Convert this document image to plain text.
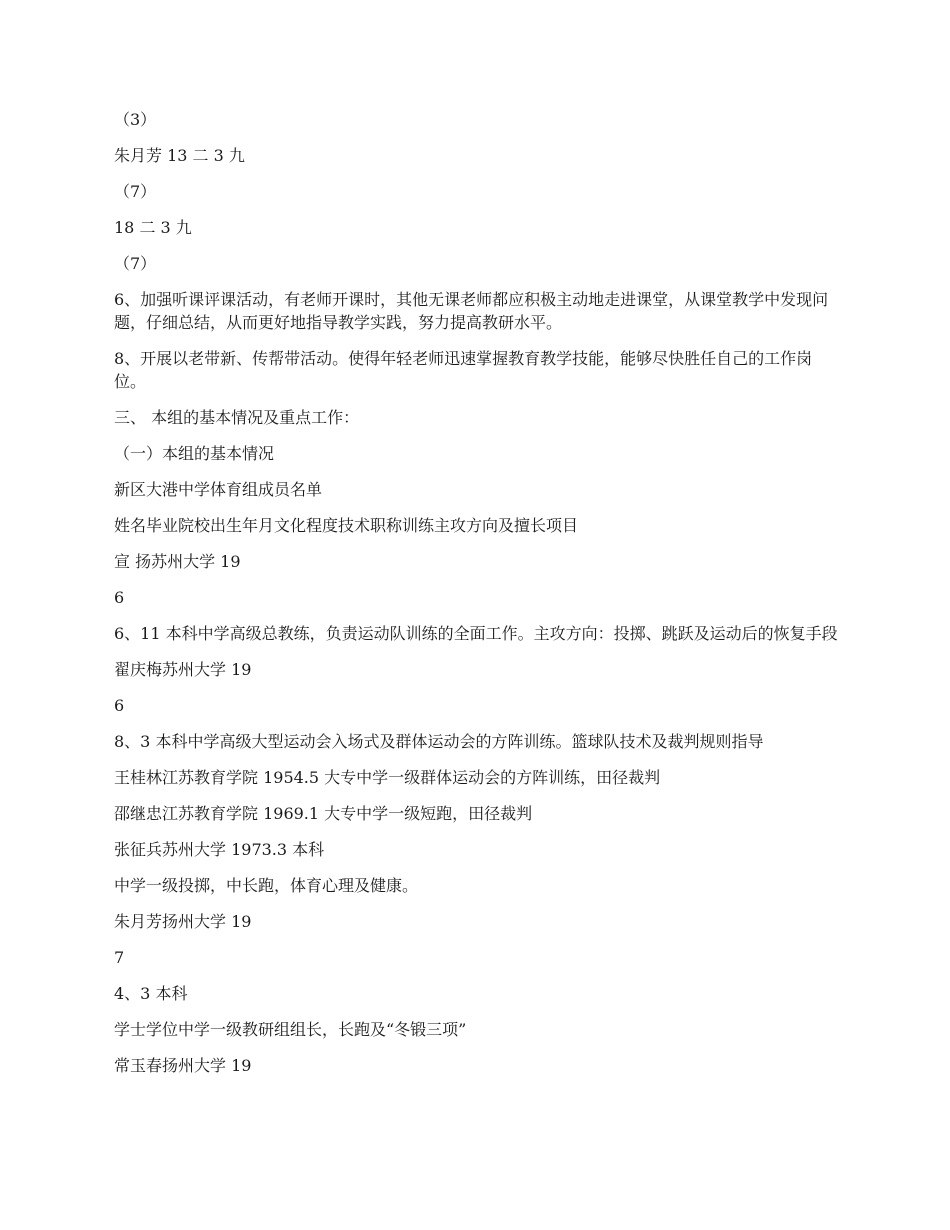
（3）

朱月芳 13 二 3 九

（7）

18 二 3 九

（7）

6、加强听课评课活动，有老师开课时，其他无课老师都应积极主动地走进课堂，从课堂教学中发现问题，仔细总结，从而更好地指导教学实践，努力提高教研水平。

8、开展以老带新、传帮带活动。使得年轻老师迅速掌握教育教学技能，能够尽快胜任自己的工作岗位。

三、 本组的基本情况及重点工作：

（一）本组的基本情况

新区大港中学体育组成员名单

姓名毕业院校出生年月文化程度技术职称训练主攻方向及擅长项目

宣 扬苏州大学 19

6

6、11 本科中学高级总教练，负责运动队训练的全面工作。主攻方向：投掷、跳跃及运动后的恢复手段

翟庆梅苏州大学 19

6

8、3 本科中学高级大型运动会入场式及群体运动会的方阵训练。篮球队技术及裁判规则指导

王桂林江苏教育学院 1954.5 大专中学一级群体运动会的方阵训练，田径裁判

邵继忠江苏教育学院 1969.1 大专中学一级短跑，田径裁判

张征兵苏州大学 1973.3 本科

中学一级投掷，中长跑，体育心理及健康。

朱月芳扬州大学 19

7

4、3 本科

学士学位中学一级教研组组长，长跑及“冬锻三项”

常玉春扬州大学 19
